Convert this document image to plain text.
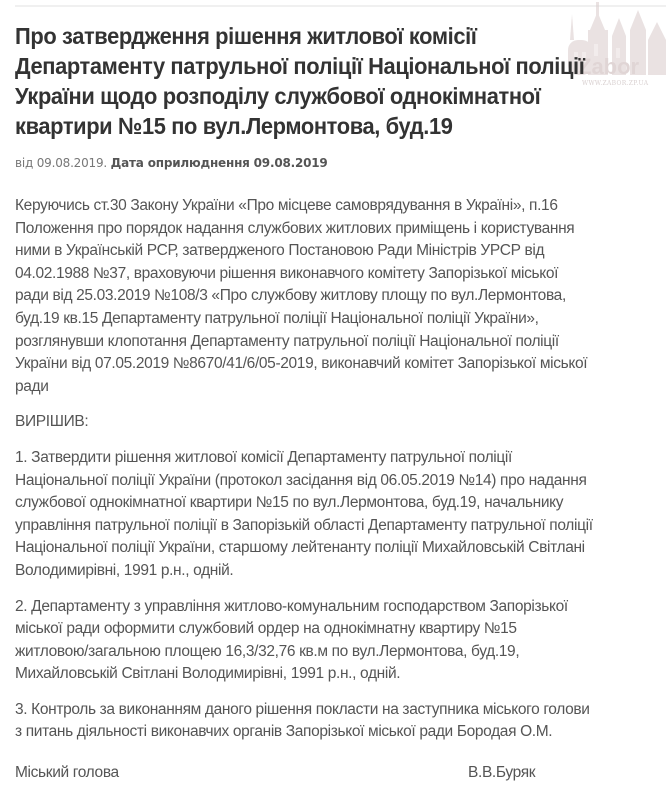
Zabor
WWW.ZABOR.ZP.UA
Про затвердження рішення житлової комісії
Департаменту патрульної поліції Національної поліції
України щодо розподілу службової однокімнатної
квартири №15 по вул.Лермонтова, буд.19
від 09.08.2019. Дата оприлюднення 09.08.2019

Керуючись ст.30 Закону України «Про місцеве самоврядування в Україні», п.16
Положення про порядок надання службових житлових приміщень і користування
ними в Українській РСР, затвердженого Постановою Ради Міністрів УРСР від
04.02.1988 №37, враховуючи рішення виконавчого комітету Запорізької міської
ради від 25.03.2019 №108/3 «Про службову житлову площу по вул.Лермонтова,
буд.19 кв.15 Департаменту патрульної поліції Національної поліції України»,
розглянувши клопотання Департаменту патрульної поліції Національної поліції
України від 07.05.2019 №8670/41/6/05-2019, виконавчий комітет Запорізької міської
ради

ВИРІШИВ:

1. Затвердити рішення житлової комісії Департаменту патрульної поліції
Національної поліції України (протокол засідання від 06.05.2019 №14) про надання
службової однокімнатної квартири №15 по вул.Лермонтова, буд.19, начальнику
управління патрульної поліції в Запорізькій області Департаменту патрульної поліції
Національної поліції України, старшому лейтенанту поліції Михайловській Світлані
Володимирівні, 1991 р.н., одній.

2. Департаменту з управління житлово-комунальним господарством Запорізької
міської ради оформити службовий ордер на однокімнатну квартиру №15
житловою/загальною площею 16,3/32,76 кв.м по вул.Лермонтова, буд.19,
Михайловській Світлані Володимирівні, 1991 р.н., одній.

3. Контроль за виконанням даного рішення покласти на заступника міського голови
з питань діяльності виконавчих органів Запорізької міської ради Бородая О.М.

Міський голова	В.В.Буряк
